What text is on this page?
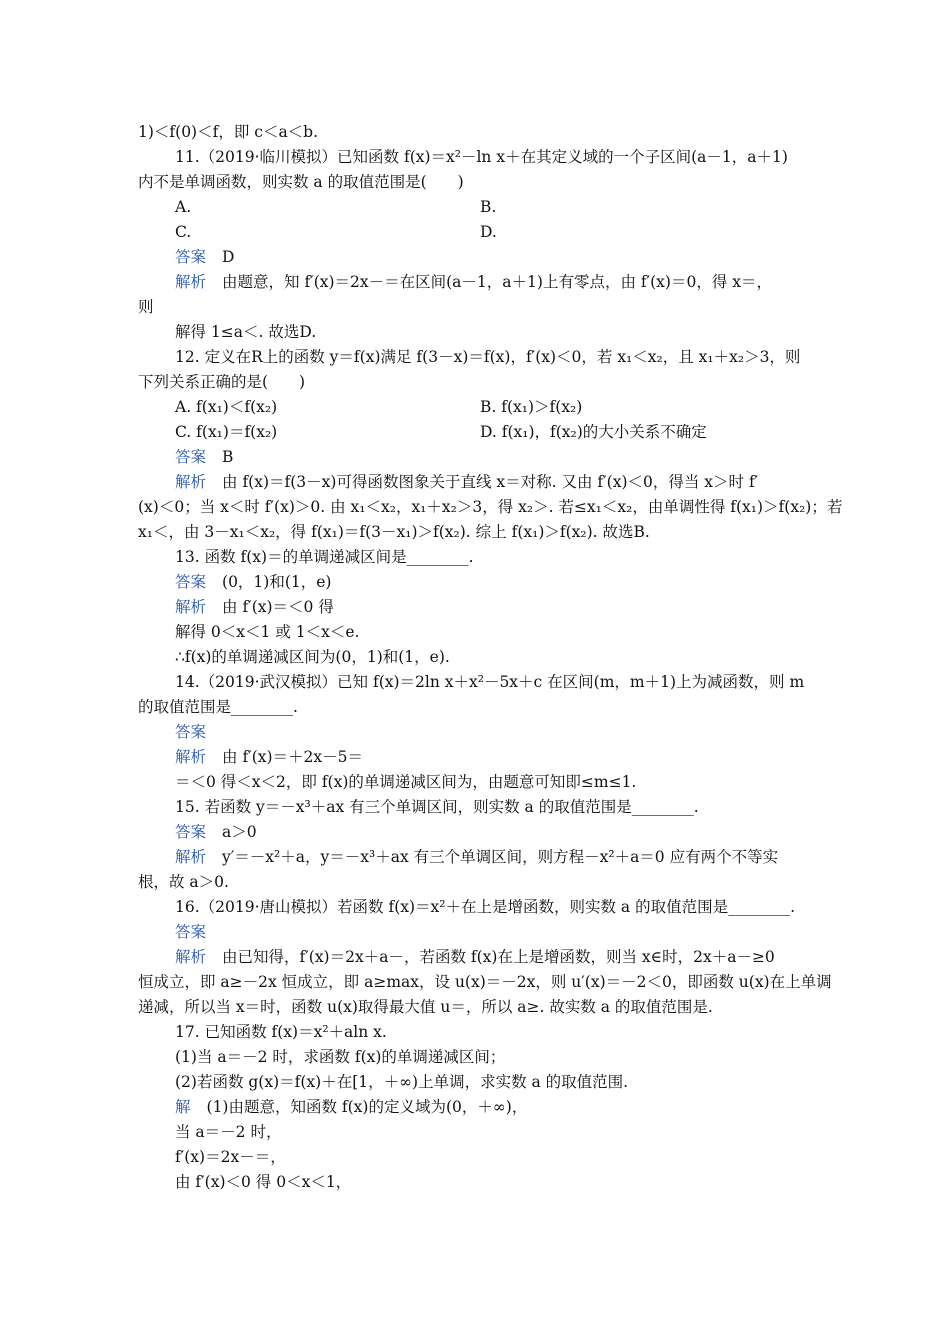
1)＜f(0)＜f，即 c＜a＜b.
11.（2019·临川模拟）已知函数 f(x)＝x²－ln x＋在其定义域的一个子区间(a－1，a＋1)
内不是单调函数，则实数 a 的取值范围是(　　)
A.	B.
C.	D.
答案 D
解析 由题意，知 f′(x)＝2x－＝在区间(a－1，a＋1)上有零点，由 f′(x)＝0，得 x＝，
则
解得 1≤a＜. 故选D.
12. 定义在R上的函数 y＝f(x)满足 f(3－x)＝f(x)，f′(x)＜0，若 x₁＜x₂，且 x₁＋x₂＞3，则
下列关系正确的是(　　)
A. f(x₁)＜f(x₂)	B. f(x₁)＞f(x₂)
C. f(x₁)＝f(x₂)	D. f(x₁)，f(x₂)的大小关系不确定
答案 B
解析 由 f(x)＝f(3－x)可得函数图象关于直线 x＝对称. 又由 f′(x)＜0，得当 x＞时 f′
(x)＜0；当 x＜时 f′(x)＞0. 由 x₁＜x₂，x₁＋x₂＞3，得 x₂＞. 若≤x₁＜x₂，由单调性得 f(x₁)＞f(x₂)；若
x₁＜，由 3－x₁＜x₂，得 f(x₁)＝f(3－x₁)＞f(x₂). 综上 f(x₁)＞f(x₂). 故选B.
13. 函数 f(x)＝的单调递减区间是________.
答案 (0，1)和(1，e)
解析 由 f′(x)＝＜0 得
解得 0＜x＜1 或 1＜x＜e.
∴f(x)的单调递减区间为(0，1)和(1，e).
14.（2019·武汉模拟）已知 f(x)＝2ln x＋x²－5x＋c 在区间(m，m＋1)上为减函数，则 m
的取值范围是________.
答案
解析 由 f′(x)＝＋2x－5＝
＝＜0 得＜x＜2，即 f(x)的单调递减区间为，由题意可知即≤m≤1.
15. 若函数 y＝－x³＋ax 有三个单调区间，则实数 a 的取值范围是________.
答案 a＞0
解析 y′＝－x²＋a，y＝－x³＋ax 有三个单调区间，则方程－x²＋a＝0 应有两个不等实
根，故 a＞0.
16.（2019·唐山模拟）若函数 f(x)＝x²＋在上是增函数，则实数 a 的取值范围是________.
答案
解析 由已知得，f′(x)＝2x＋a－，若函数 f(x)在上是增函数，则当 x∈时，2x＋a－≥0
恒成立，即 a≥－2x 恒成立，即 a≥max，设 u(x)＝－2x，则 u′(x)＝－2＜0，即函数 u(x)在上单调
递减，所以当 x＝时，函数 u(x)取得最大值 u＝，所以 a≥. 故实数 a 的取值范围是.
17. 已知函数 f(x)＝x²＋aln x.
(1)当 a＝－2 时，求函数 f(x)的单调递减区间；
(2)若函数 g(x)＝f(x)＋在[1，＋∞)上单调，求实数 a 的取值范围.
解 (1)由题意，知函数 f(x)的定义域为(0，＋∞)，
当 a＝－2 时，
f′(x)＝2x－＝，
由 f′(x)＜0 得 0＜x＜1，
